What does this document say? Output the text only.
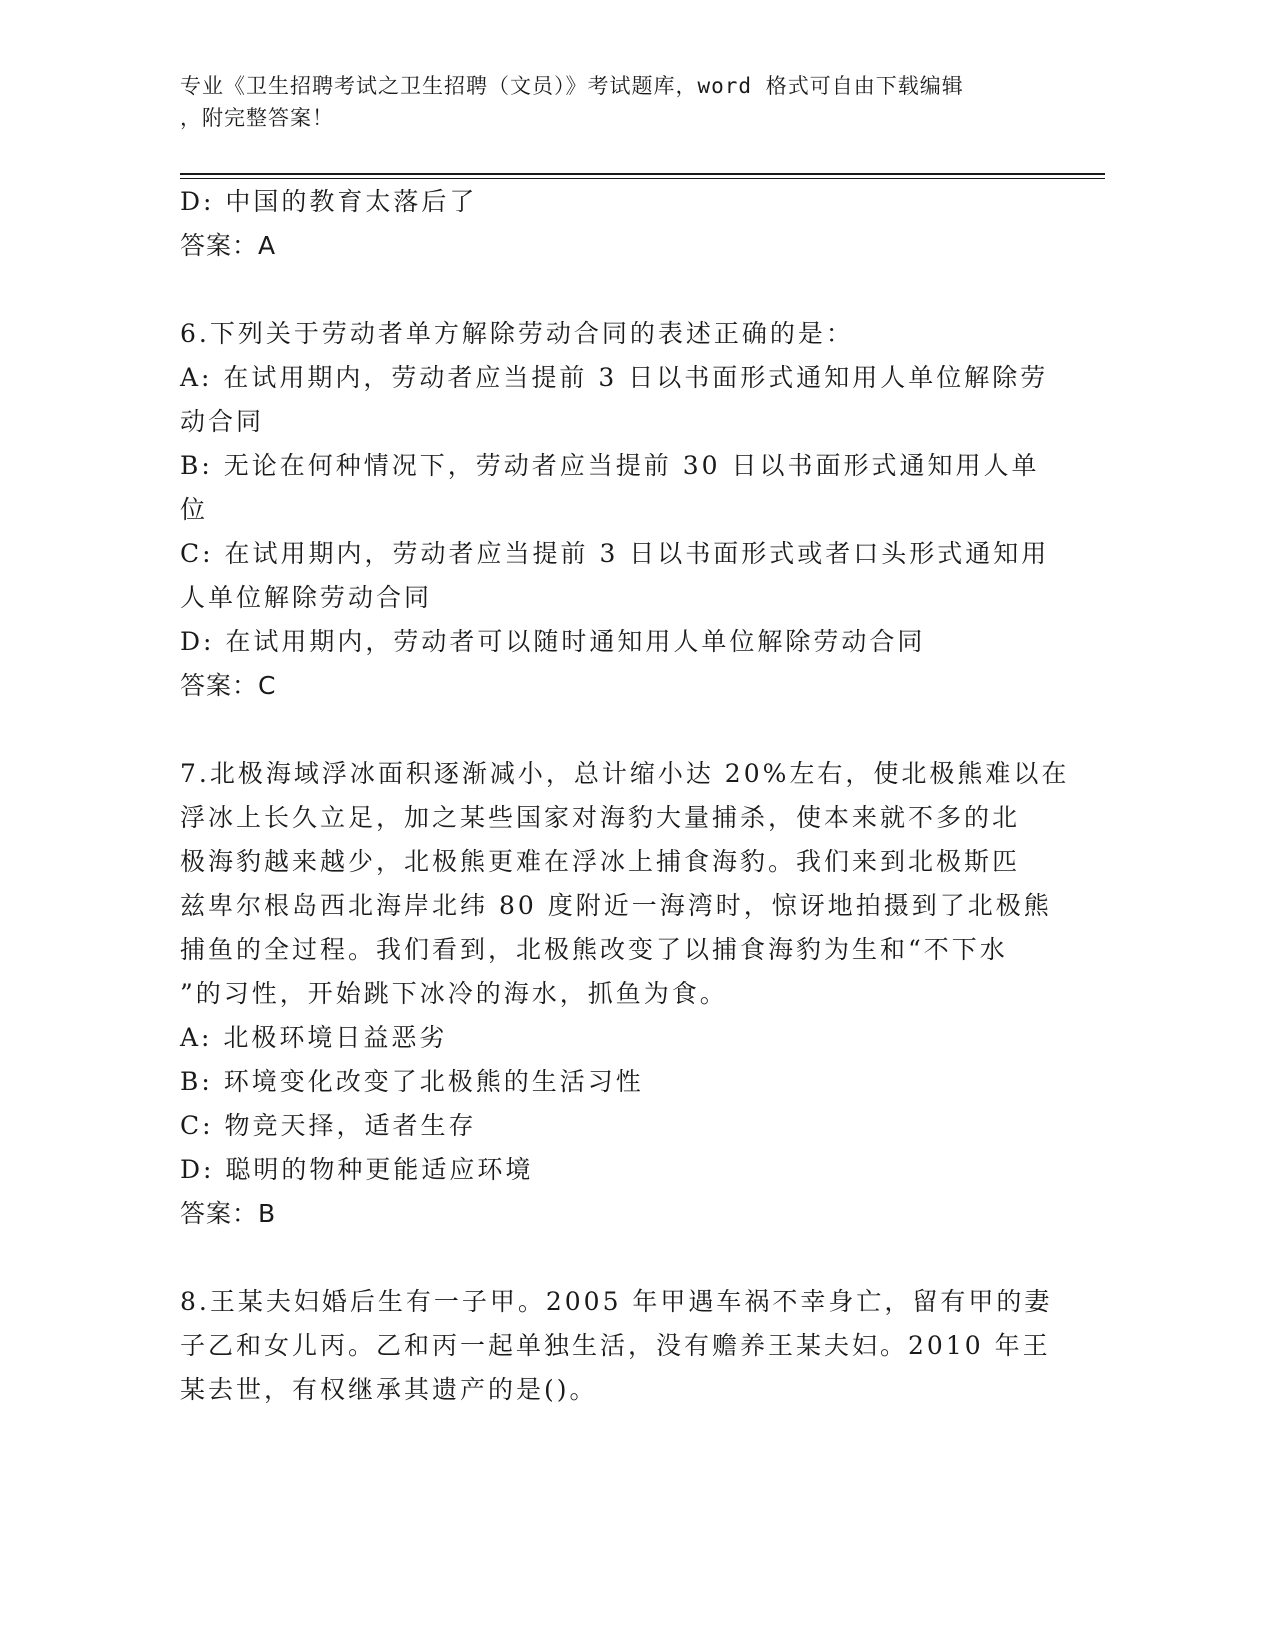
专业《卫生招聘考试之卫生招聘（文员）》考试题库，word 格式可自由下载编辑
，附完整答案！

D: 中国的教育太落后了

答案：A

6.下列关于劳动者单方解除劳动合同的表述正确的是：

A: 在试用期内，劳动者应当提前 3 日以书面形式通知用人单位解除劳

动合同

B: 无论在何种情况下，劳动者应当提前 30 日以书面形式通知用人单

位

C: 在试用期内，劳动者应当提前 3 日以书面形式或者口头形式通知用

人单位解除劳动合同

D: 在试用期内，劳动者可以随时通知用人单位解除劳动合同

答案：C

7.北极海域浮冰面积逐渐减小，总计缩小达 20%左右，使北极熊难以在

浮冰上长久立足，加之某些国家对海豹大量捕杀，使本来就不多的北

极海豹越来越少，北极熊更难在浮冰上捕食海豹。我们来到北极斯匹

兹卑尔根岛西北海岸北纬 80 度附近一海湾时，惊讶地拍摄到了北极熊

捕鱼的全过程。我们看到，北极熊改变了以捕食海豹为生和“不下水

”的习性，开始跳下冰冷的海水，抓鱼为食。

A: 北极环境日益恶劣

B: 环境变化改变了北极熊的生活习性

C: 物竞天择，适者生存

D: 聪明的物种更能适应环境

答案：B

8.王某夫妇婚后生有一子甲。2005 年甲遇车祸不幸身亡，留有甲的妻

子乙和女儿丙。乙和丙一起单独生活，没有赡养王某夫妇。2010 年王

某去世，有权继承其遗产的是()。
